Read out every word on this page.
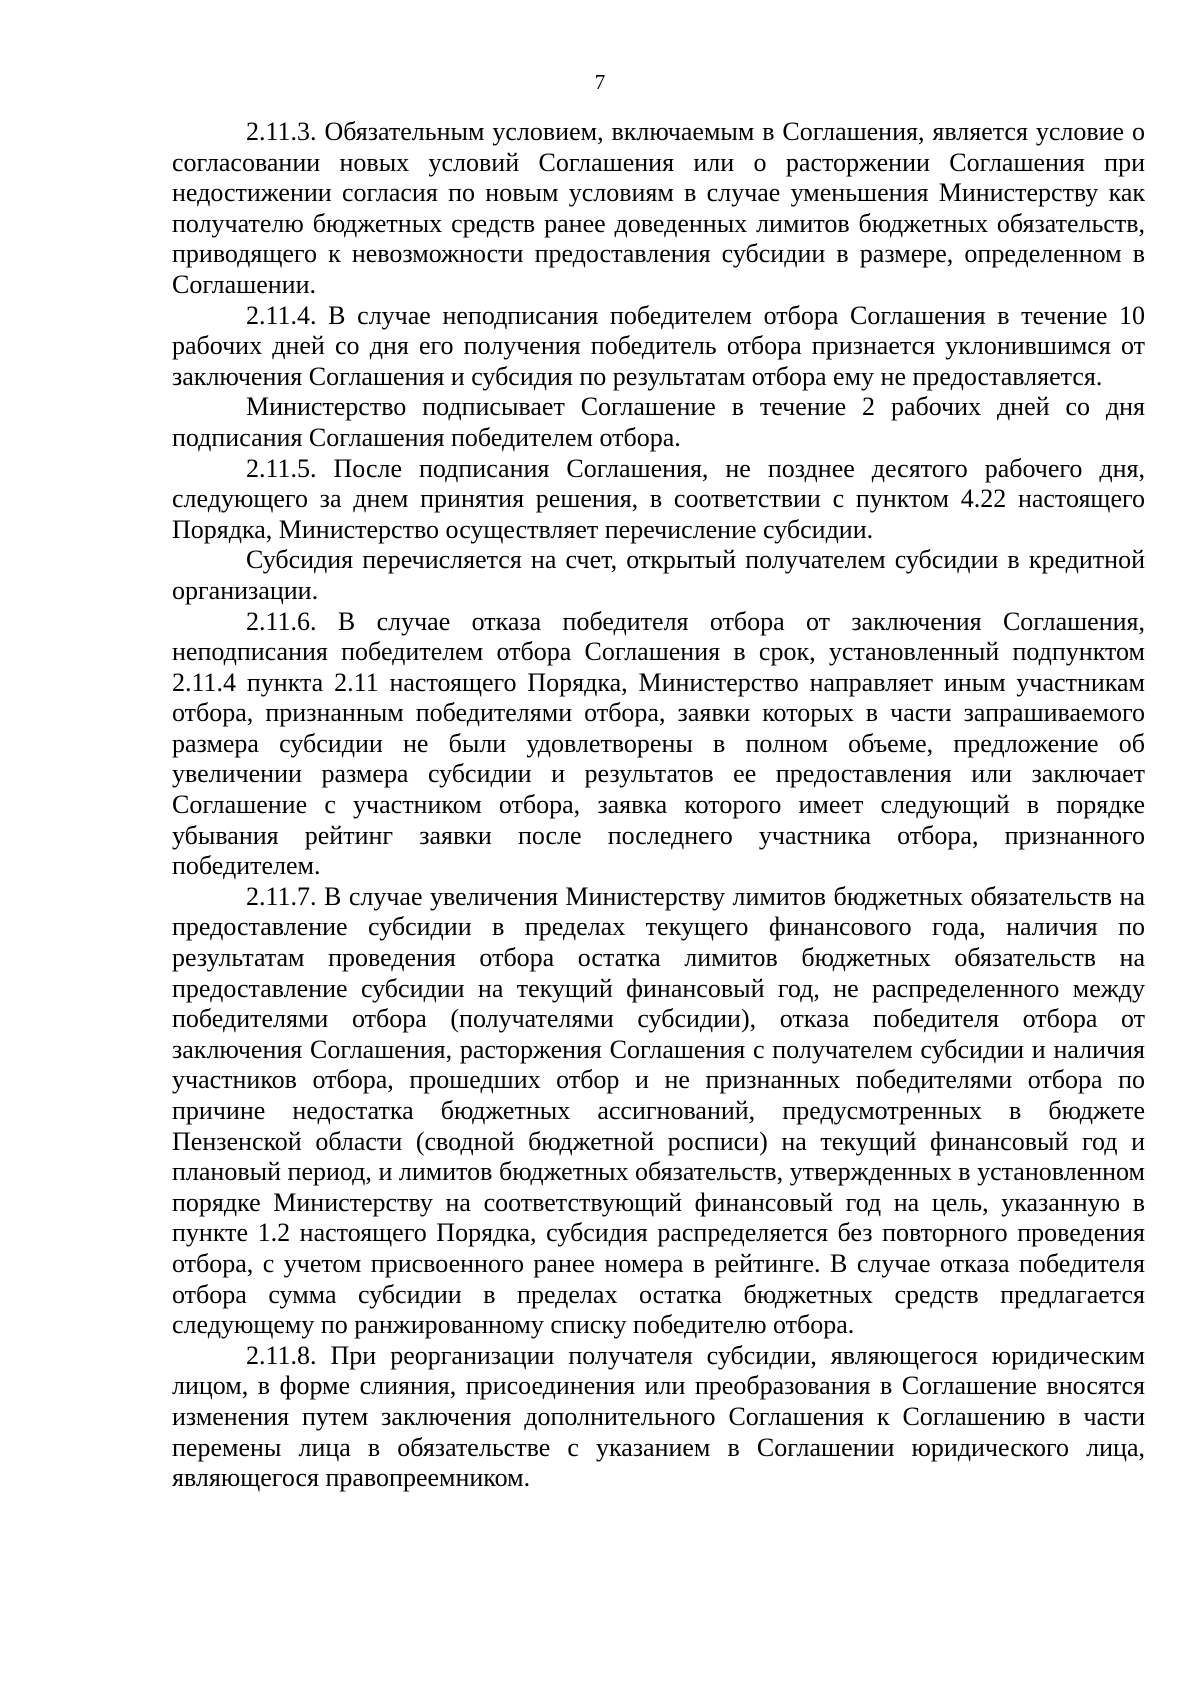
7

2.11.3. Обязательным условием, включаемым в Соглашения, является условие о согласовании новых условий Соглашения или о расторжении Соглашения при недостижении согласия по новым условиям в случае уменьшения Министерству как получателю бюджетных средств ранее доведенных лимитов бюджетных обязательств, приводящего к невозможности предоставления субсидии в размере, определенном в Соглашении.

2.11.4. В случае неподписания победителем отбора Соглашения в течение 10 рабочих дней со дня его получения победитель отбора признается уклонившимся от заключения Соглашения и субсидия по результатам отбора ему не предоставляется.

Министерство подписывает Соглашение в течение 2 рабочих дней со дня подписания Соглашения победителем отбора.

2.11.5. После подписания Соглашения, не позднее десятого рабочего дня, следующего за днем принятия решения, в соответствии с пунктом 4.22 настоящего Порядка, Министерство осуществляет перечисление субсидии.

Субсидия перечисляется на счет, открытый получателем субсидии в кредитной организации.

2.11.6. В случае отказа победителя отбора от заключения Соглашения, неподписания победителем отбора Соглашения в срок, установленный подпунктом 2.11.4 пункта 2.11 настоящего Порядка, Министерство направляет иным участникам отбора, признанным победителями отбора, заявки которых в части запрашиваемого размера субсидии не были удовлетворены в полном объеме, предложение об увеличении размера субсидии и результатов ее предоставления или заключает Соглашение с участником отбора, заявка которого имеет следующий в порядке убывания рейтинг заявки после последнего участника отбора, признанного победителем.

2.11.7. В случае увеличения Министерству лимитов бюджетных обязательств на предоставление субсидии в пределах текущего финансового года, наличия по результатам проведения отбора остатка лимитов бюджетных обязательств на предоставление субсидии на текущий финансовый год, не распределенного между победителями отбора (получателями субсидии), отказа победителя отбора от заключения Соглашения, расторжения Соглашения с получателем субсидии и наличия участников отбора, прошедших отбор и не признанных победителями отбора по причине недостатка бюджетных ассигнований, предусмотренных в бюджете Пензенской области (сводной бюджетной росписи) на текущий финансовый год и плановый период, и лимитов бюджетных обязательств, утвержденных в установленном порядке Министерству на соответствующий финансовый год на цель, указанную в пункте 1.2 настоящего Порядка, субсидия распределяется без повторного проведения отбора, с учетом присвоенного ранее номера в рейтинге. В случае отказа победителя отбора сумма субсидии в пределах остатка бюджетных средств предлагается следующему по ранжированному списку победителю отбора.

2.11.8. При реорганизации получателя субсидии, являющегося юридическим лицом, в форме слияния, присоединения или преобразования в Соглашение вносятся изменения путем заключения дополнительного Соглашения к Соглашению в части перемены лица в обязательстве с указанием в Соглашении юридического лица, являющегося правопреемником.
